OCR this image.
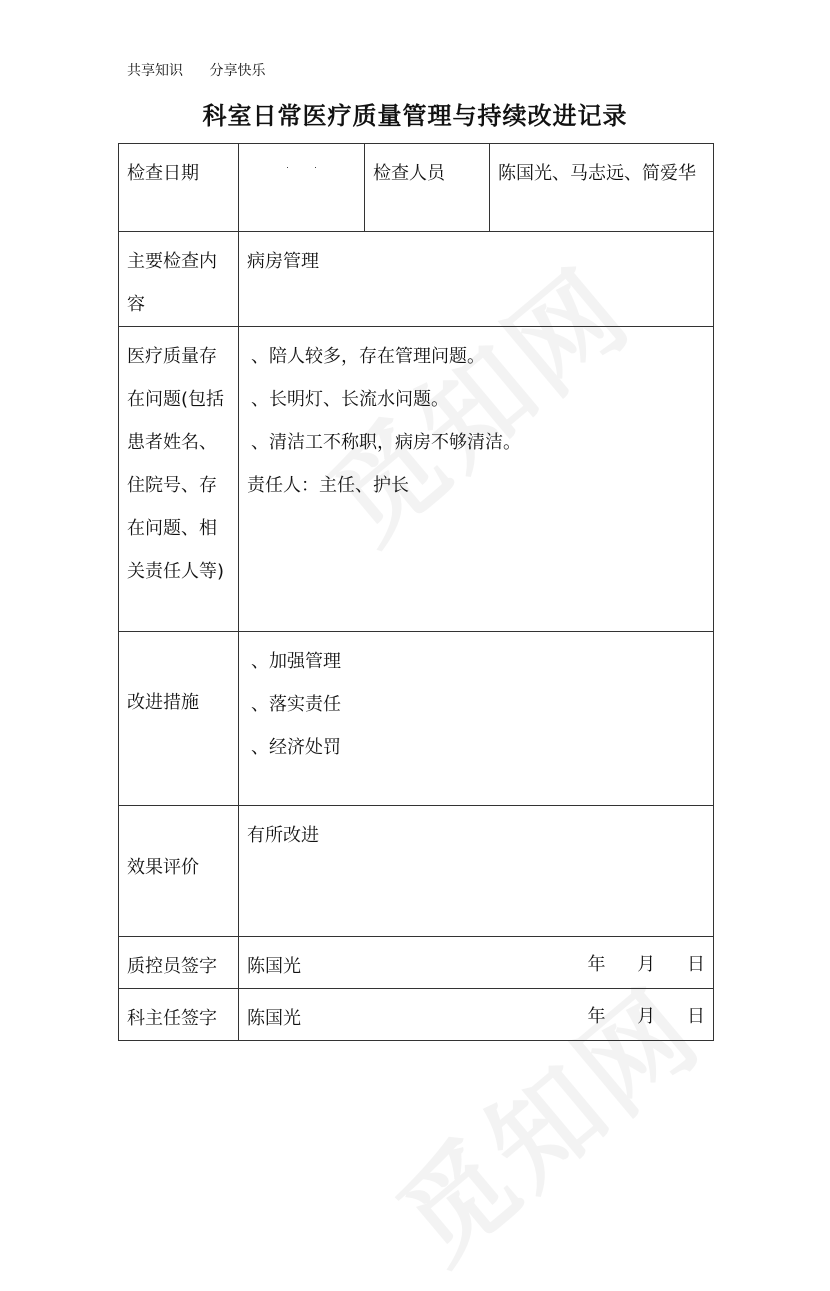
共享知识 分享快乐
科室日常医疗质量管理与持续改进记录
检查日期	.          .	检查人员	陈国光、马志远、简爱华
主要检查内容	病房管理		
医疗质量存在问题(包括患者姓名、住院号、存在问题、相关责任人等)	、陪人较多，存在管理问题。
、长明灯、长流水问题。
、清洁工不称职，病房不够清洁。
责任人：主任、护长		
改进措施	、加强管理
、落实责任
、经济处罚		

效果评价	有所改进		
质控员签字	陈国光 年 月 日		

科主任签字	陈国光 年 月 日		
